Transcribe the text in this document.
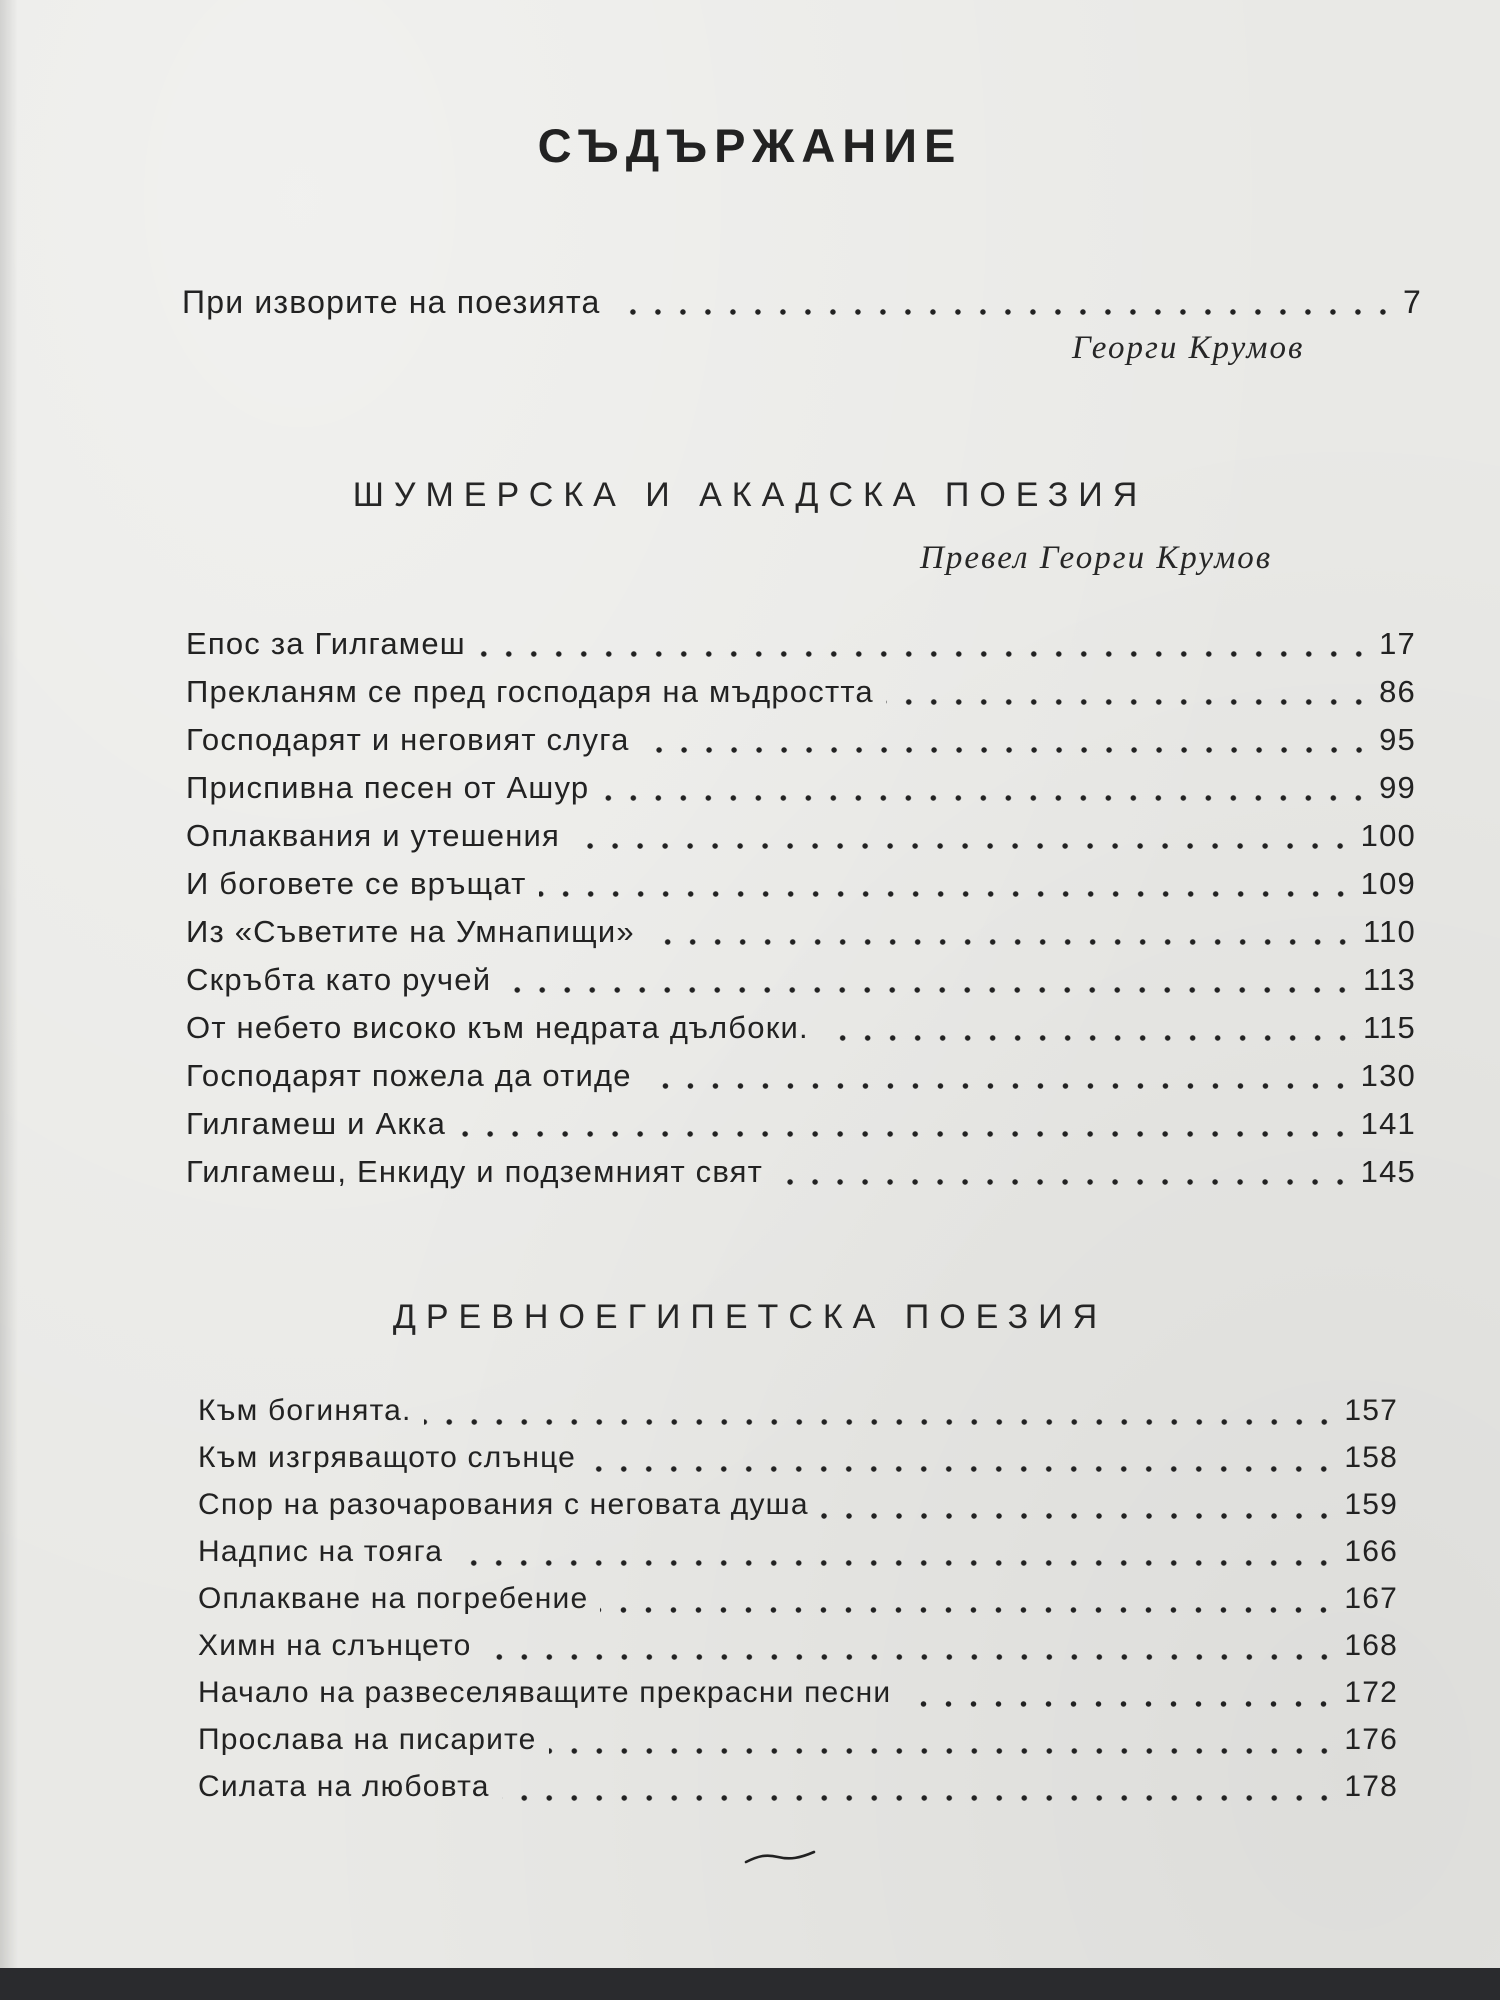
СЪДЪРЖАНИЕ
При изворите на поезията	7
Георги Крумов
ШУМЕРСКА И АКАДСКА ПОЕЗИЯ
Превел Георги Крумов
Епос за Гилгамеш	17
Прекланям се пред господаря на мъдростта	86
Господарят и неговият слуга	95
Приспивна песен от Ашур	99
Оплаквания и утешения	100
И боговете се връщат	109
Из «Съветите на Умнапищи»	110
Скръбта като ручей	113
От небето високо към недрата дълбоки.	115
Господарят пожела да отиде	130
Гилгамеш и Акка	141
Гилгамеш, Енкиду и подземният свят	145
ДРЕВНОЕГИПЕТСКА ПОЕЗИЯ
Към богинята.	157
Към изгряващото слънце	158
Спор на разочарования с неговата душа	159
Надпис на тояга	166
Оплакване на погребение	167
Химн на слънцето	168
Начало на развеселяващите прекрасни песни	172
Прослава на писарите	176
Силата на любовта	178
